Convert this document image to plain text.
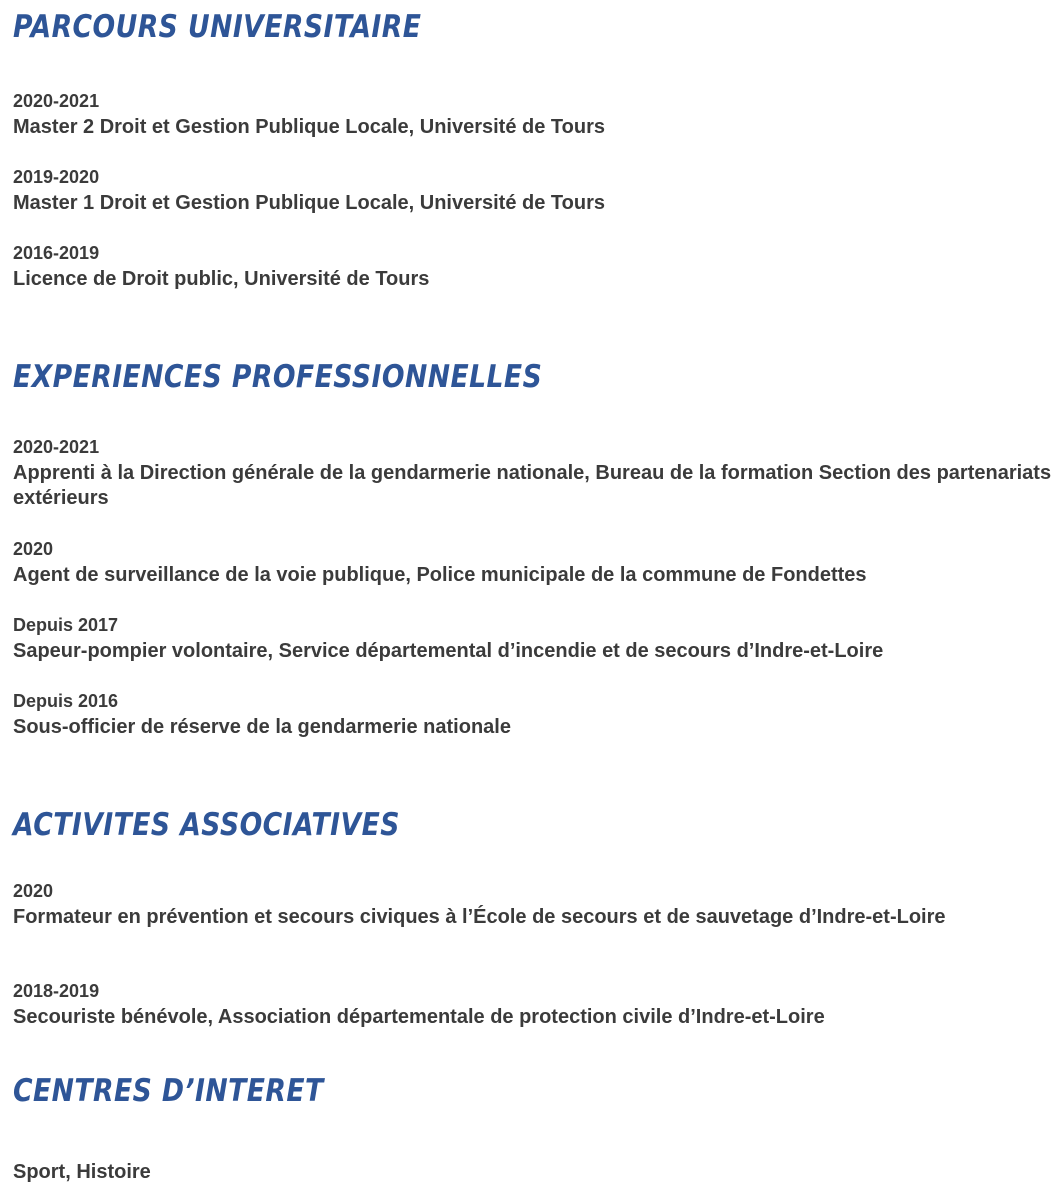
PARCOURS UNIVERSITAIRE
2020-2021
Master 2 Droit et Gestion Publique Locale, Université de Tours
2019-2020
Master 1 Droit et Gestion Publique Locale, Université de Tours
2016-2019
Licence de Droit public, Université de Tours
EXPERIENCES PROFESSIONNELLES
2020-2021
Apprenti à la Direction générale de la gendarmerie nationale, Bureau de la formation Section des partenariats extérieurs
2020
Agent de surveillance de la voie publique, Police municipale de la commune de Fondettes
Depuis 2017
Sapeur-pompier volontaire, Service départemental d’incendie et de secours d’Indre-et-Loire
Depuis 2016
Sous-officier de réserve de la gendarmerie nationale
ACTIVITES ASSOCIATIVES
2020
Formateur en prévention et secours civiques à l’École de secours et de sauvetage d’Indre-et-Loire
2018-2019
Secouriste bénévole, Association départementale de protection civile d’Indre-et-Loire
CENTRES D’INTERET
Sport, Histoire
